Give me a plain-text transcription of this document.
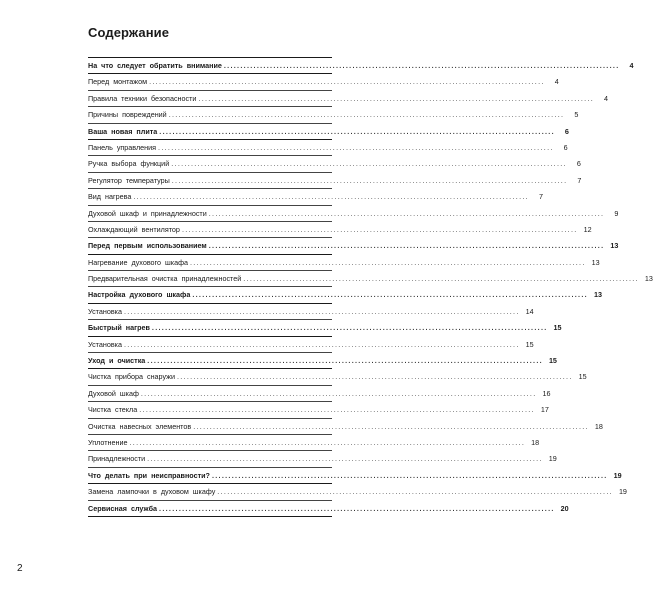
Содержание
На что следует обратить внимание ........................................................................................................................	4
Перед монтажом ........................................................................................................................	4
Правила техники безопасности ........................................................................................................................	4
Причины повреждений ........................................................................................................................	5
Ваша новая плита ........................................................................................................................	6
Панель управления ........................................................................................................................	6
Ручка выбора функций ........................................................................................................................	6
Регулятор температуры ........................................................................................................................	7
Вид нагрева ........................................................................................................................	7
Духовой шкаф и принадлежности ........................................................................................................................	9
Охлаждающий вентилятор ........................................................................................................................ 12
Перед первым использованием ........................................................................................................................ 13
Нагревание духового шкафа ........................................................................................................................ 13
Предварительная очистка принадлежностей ........................................................................................................................ 13
Настройка духового шкафа ........................................................................................................................ 13
Установка ........................................................................................................................ 14
Быстрый нагрев ........................................................................................................................ 15
Установка ........................................................................................................................ 15
Уход и очистка ........................................................................................................................ 15
Чистка прибора снаружи ........................................................................................................................ 15
Духовой шкаф ........................................................................................................................ 16
Чистка стекла ........................................................................................................................ 17
Очистка навесных элементов ........................................................................................................................ 18
Уплотнение ........................................................................................................................ 18
Принадлежности ........................................................................................................................ 19
Что делать при неисправности? ........................................................................................................................ 19
Замена лампочки в духовом шкафу ........................................................................................................................ 19
Сервисная служба ........................................................................................................................ 20
2
